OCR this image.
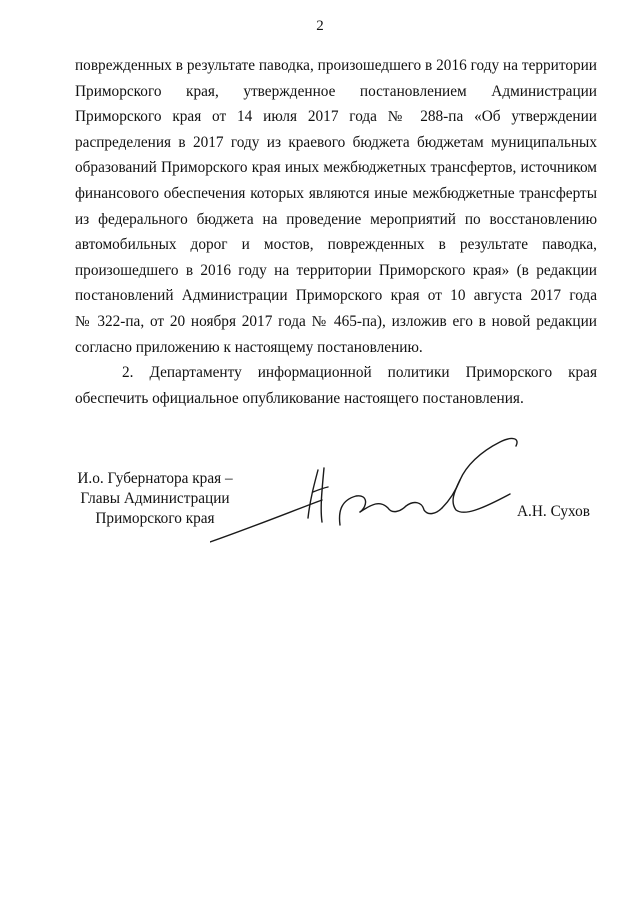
2

поврежденных в результате паводка, произошедшего в 2016 году на территории
Приморского края, утвержденное постановлением Администрации
Приморского края от 14 июля 2017 года № 288-па «Об утверждении
распределения в 2017 году из краевого бюджета бюджетам муниципальных
образований Приморского края иных межбюджетных трансфертов, источником
финансового обеспечения которых являются иные межбюджетные трансферты
из федерального бюджета на проведение мероприятий по восстановлению
автомобильных дорог и мостов, поврежденных в результате паводка,
произошедшего в 2016 году на территории Приморского края» (в редакции
постановлений Администрации Приморского края от 10 августа 2017 года
№ 322-па, от 20 ноября 2017 года № 465-па), изложив его в новой редакции
согласно приложению к настоящему постановлению.

2. Департаменту информационной политики Приморского края
обеспечить официальное опубликование настоящего постановления.

И.о. Губернатора края –
Главы Администрации
Приморского края	А.Н. Сухов
